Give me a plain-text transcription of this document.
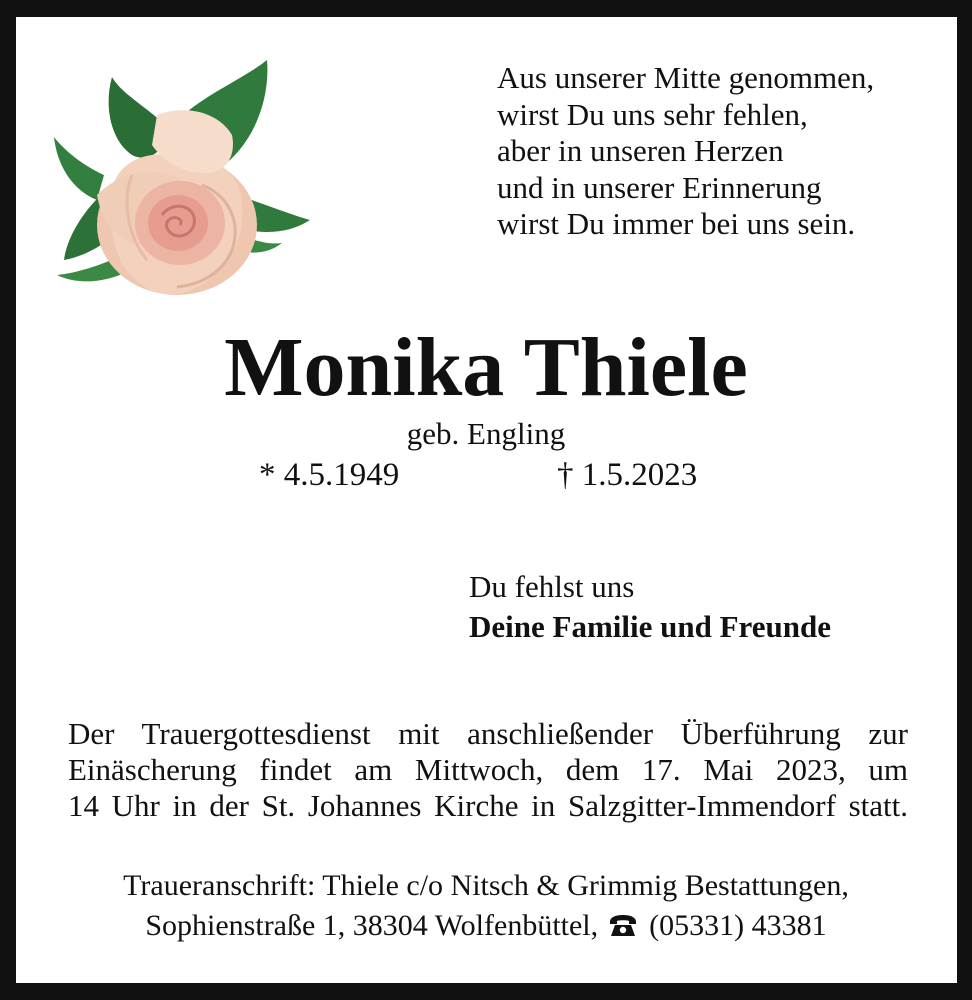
Aus unserer Mitte genommen,
wirst Du uns sehr fehlen,
aber in unseren Herzen
und in unserer Erinnerung
wirst Du immer bei uns sein.
Monika Thiele
geb. Engling
* 4.5.1949	† 1.5.2023
Du fehlst uns
Deine Familie und Freunde
Der Trauergottesdienst mit anschließender Überführung zur
Einäscherung findet am Mittwoch, dem 17. Mai 2023, um
14 Uhr in der St. Johannes Kirche in Salzgitter-Immendorf statt.
Traueranschrift: Thiele c/o Nitsch & Grimmig Bestattungen,
Sophienstraße 1, 38304 Wolfenbüttel, (05331) 43381
